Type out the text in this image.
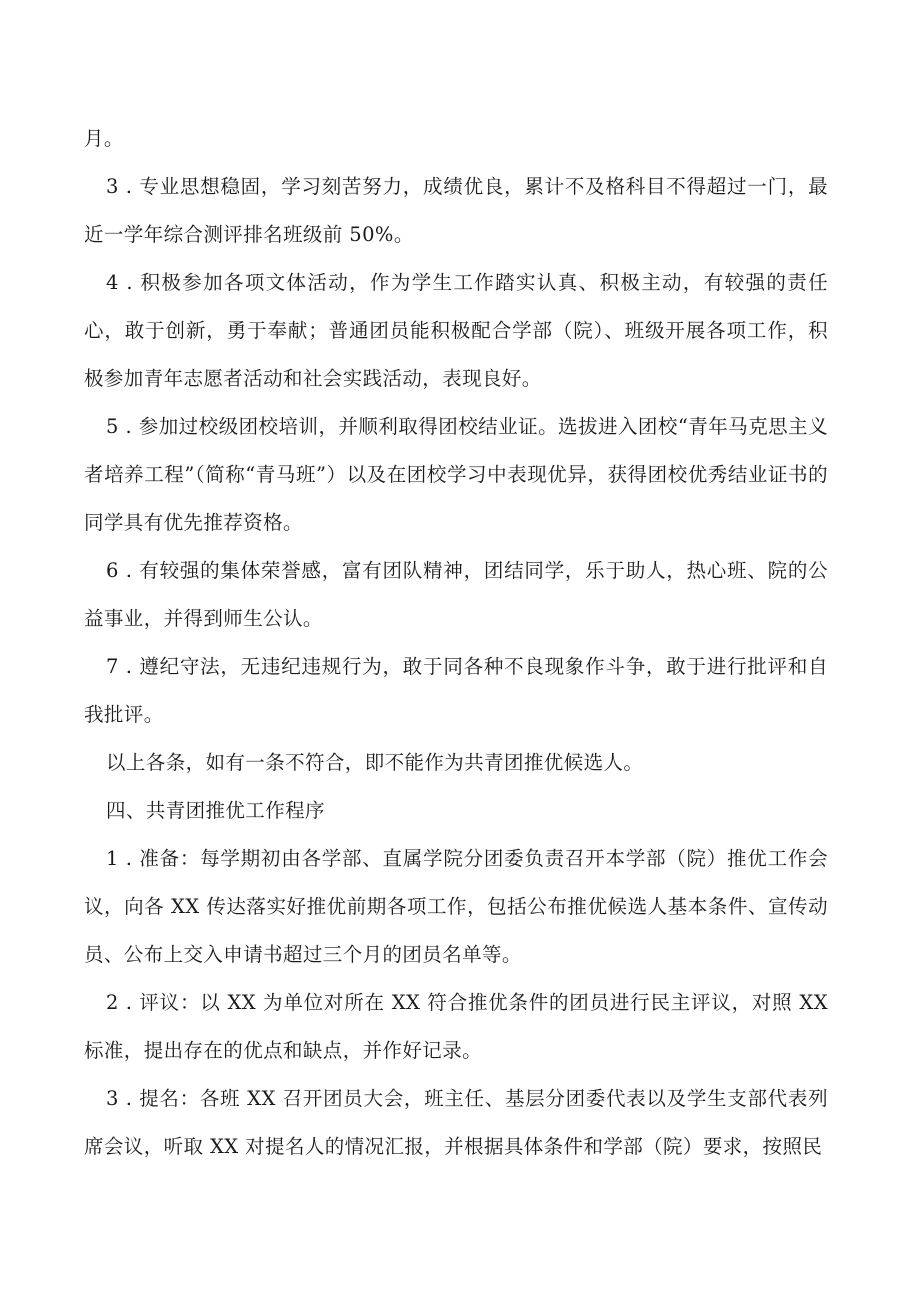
月。

3 . 专业思想稳固，学习刻苦努力，成绩优良，累计不及格科目不得超过一门，最近一学年综合测评排名班级前 50%。

4 . 积极参加各项文体活动，作为学生工作踏实认真、积极主动，有较强的责任心，敢于创新，勇于奉献；普通团员能积极配合学部（院）、班级开展各项工作，积极参加青年志愿者活动和社会实践活动，表现良好。

5 . 参加过校级团校培训，并顺利取得团校结业证。选拔进入团校“青年马克思主义者培养工程”（简称“青马班”）以及在团校学习中表现优异，获得团校优秀结业证书的同学具有优先推荐资格。

6 . 有较强的集体荣誉感，富有团队精神，团结同学，乐于助人，热心班、院的公益事业，并得到师生公认。

7 . 遵纪守法，无违纪违规行为，敢于同各种不良现象作斗争，敢于进行批评和自我批评。

以上各条，如有一条不符合，即不能作为共青团推优候选人。

四、共青团推优工作程序

1 . 准备：每学期初由各学部、直属学院分团委负责召开本学部（院）推优工作会议，向各 XX 传达落实好推优前期各项工作，包括公布推优候选人基本条件、宣传动员、公布上交入申请书超过三个月的团员名单等。

2 . 评议：以 XX 为单位对所在 XX 符合推优条件的团员进行民主评议，对照 XX 标准，提出存在的优点和缺点，并作好记录。

3 . 提名：各班 XX 召开团员大会，班主任、基层分团委代表以及学生支部代表列席会议，听取 XX 对提名人的情况汇报，并根据具体条件和学部（院）要求，按照民
